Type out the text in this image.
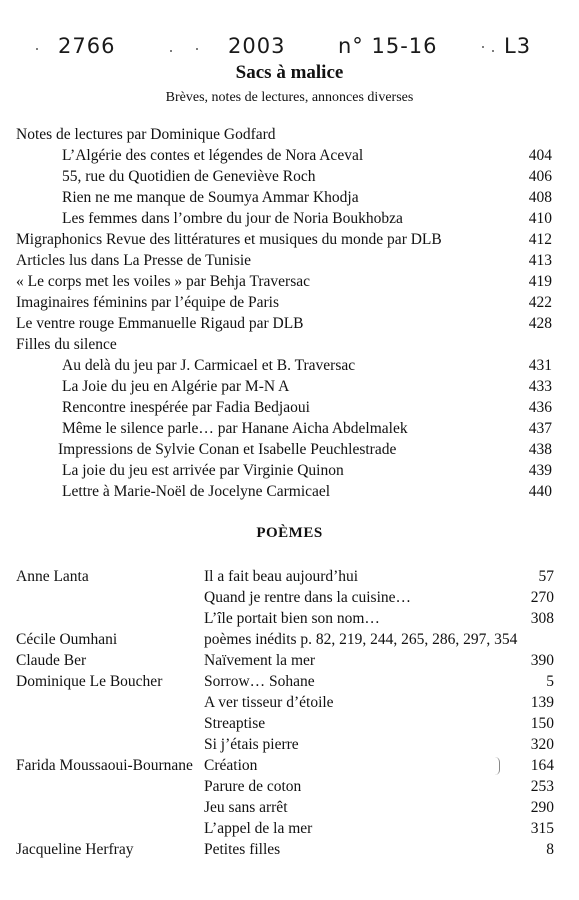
2766	2003	n° 15-16	L3
Sacs à malice
Brèves, notes de lectures, annonces diverses
Notes de lectures par Dominique Godfard
L’Algérie des contes et légendes de Nora Aceval	404
55, rue du Quotidien de Geneviève Roch	406
Rien ne me manque de Soumya Ammar Khodja	408
Les femmes dans l’ombre du jour de Noria Boukhobza	410
Migraphonics Revue des littératures et musiques du monde par DLB	412
Articles lus dans La Presse de Tunisie	413
« Le corps met les voiles » par Behja Traversac	419
Imaginaires féminins par l’équipe de Paris	422
Le ventre rouge Emmanuelle Rigaud par DLB	428
Filles du silence
Au delà du jeu par J. Carmicael et B. Traversac	431
La Joie du jeu en Algérie par M-N A	433
Rencontre inespérée par Fadia Bedjaoui	436
Même le silence parle… par Hanane Aicha Abdelmalek	437
Impressions de Sylvie Conan et Isabelle Peuchlestrade	438
La joie du jeu est arrivée par Virginie Quinon	439
Lettre à Marie-Noël de Jocelyne Carmicael	440
POÈMES
Anne Lanta	Il a fait beau aujourd’hui	57
Quand je rentre dans la cuisine…	270
L’île portait bien son nom…	308
Cécile Oumhani	poèmes inédits p. 82, 219, 244, 265, 286, 297, 354
Claude Ber	Naïvement la mer	390
Dominique Le Boucher	Sorrow… Sohane	5
A ver tisseur d’étoile	139
Streaptise	150
Si j’étais pierre	320
Farida Moussaoui-Bournane Création	164
Parure de coton	253
Jeu sans arrêt	290
L’appel de la mer	315
Jacqueline Herfray	Petites filles	8
